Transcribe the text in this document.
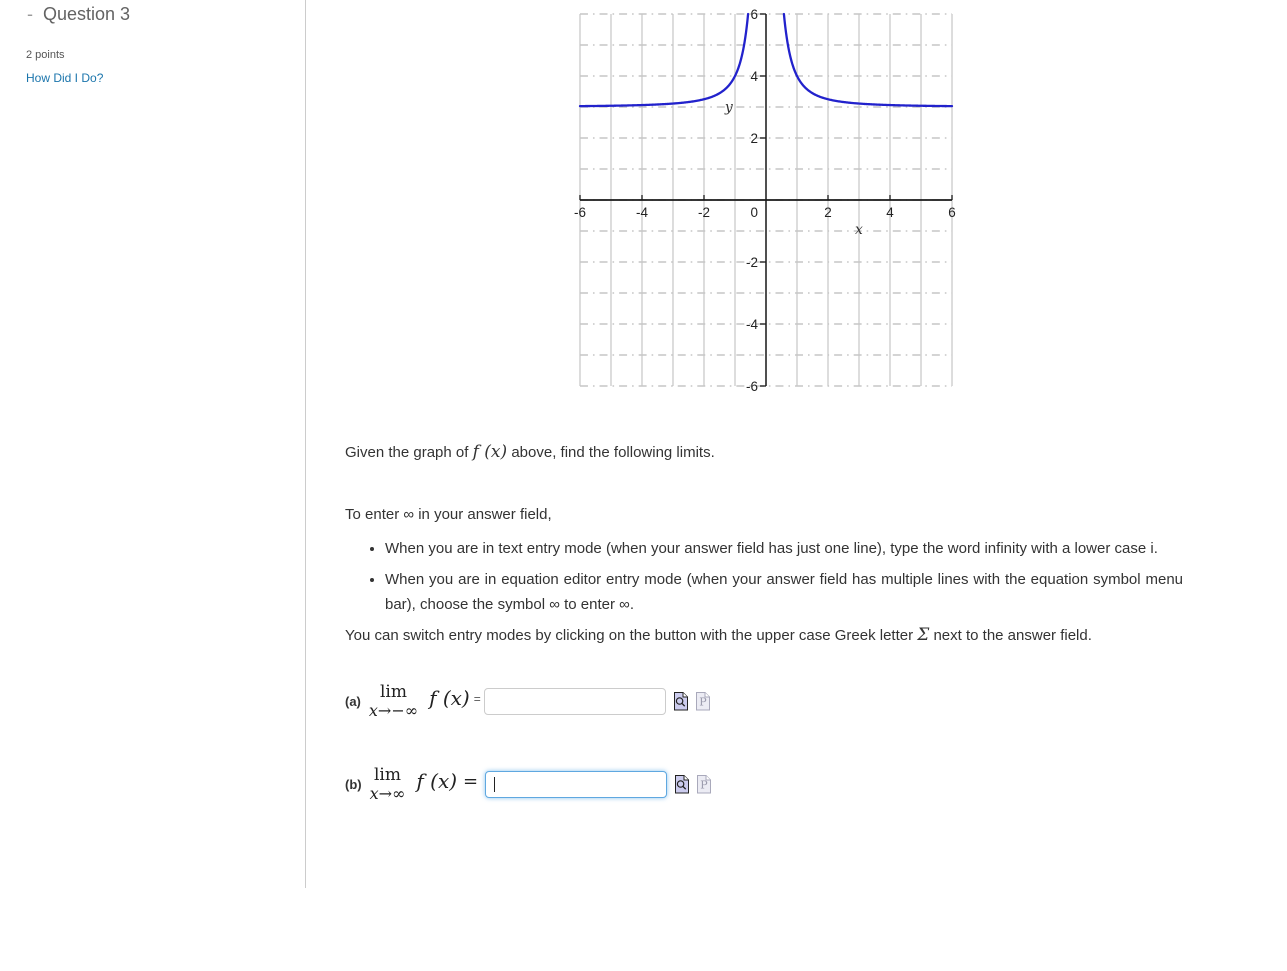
- Question 3
2 points
How Did I Do?
-6	-4	-2	2	4	6
-6
-4
-2
2
4
6
0
x
y

Given the graph of f (x) above, find the following limits.

To enter ∞ in your answer field,

• When you are in text entry mode (when your answer field has just one line), type the word infinity with a lower case i.
• When you are in equation editor entry mode (when your answer field has multiple lines with the equation symbol menu bar), choose the symbol ∞ to enter ∞.

You can switch entry modes by clicking on the button with the upper case Greek letter Σ next to the answer field.

(a) lim
x→−∞
f (x) =	P
(b) lim
x→∞
f (x) =	P
